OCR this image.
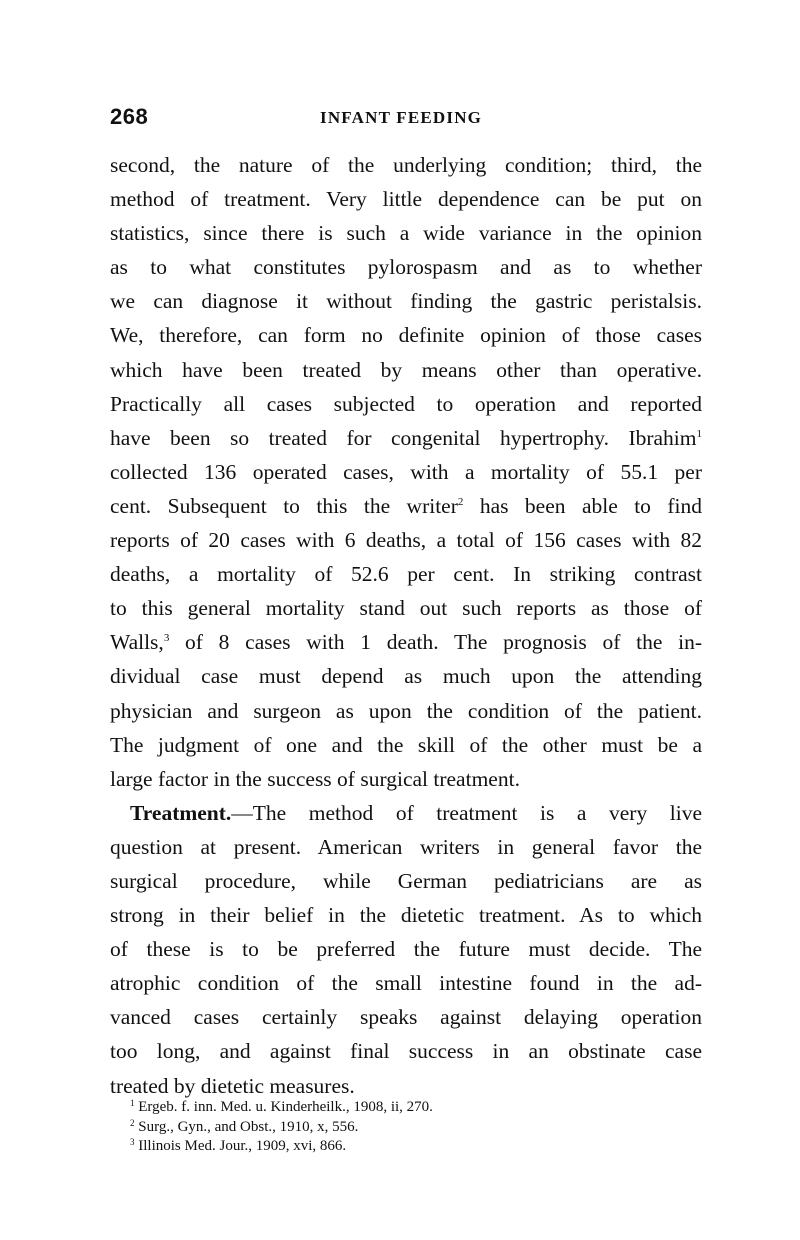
268	INFANT FEEDING
second, the nature of the underlying condition; third, the
method of treatment. Very little dependence can be put on
statistics, since there is such a wide variance in the opinion
as to what constitutes pylorospasm and as to whether
we can diagnose it without finding the gastric peristalsis.
We, therefore, can form no definite opinion of those cases
which have been treated by means other than operative.
Practically all cases subjected to operation and reported
have been so treated for congenital hypertrophy. Ibrahim$^1$
collected 136 operated cases, with a mortality of 55.1 per
cent. Subsequent to this the writer$^2$ has been able to find
reports of 20 cases with 6 deaths, a total of 156 cases with 82
deaths, a mortality of 52.6 per cent. In striking contrast
to this general mortality stand out such reports as those of
Walls,$^3$ of 8 cases with 1 death. The prognosis of the in-
dividual case must depend as much upon the attending
physician and surgeon as upon the condition of the patient.
The judgment of one and the skill of the other must be a
large factor in the success of surgical treatment.
Treatment.—The method of treatment is a very live
question at present. American writers in general favor the
surgical procedure, while German pediatricians are as
strong in their belief in the dietetic treatment. As to which
of these is to be preferred the future must decide. The
atrophic condition of the small intestine found in the ad-
vanced cases certainly speaks against delaying operation
too long, and against final success in an obstinate case
treated by dietetic measures.
$^1$ Ergeb. f. inn. Med. u. Kinderheilk., 1908, ii, 270.
$^2$ Surg., Gyn., and Obst., 1910, x, 556.
$^3$ Illinois Med. Jour., 1909, xvi, 866.
